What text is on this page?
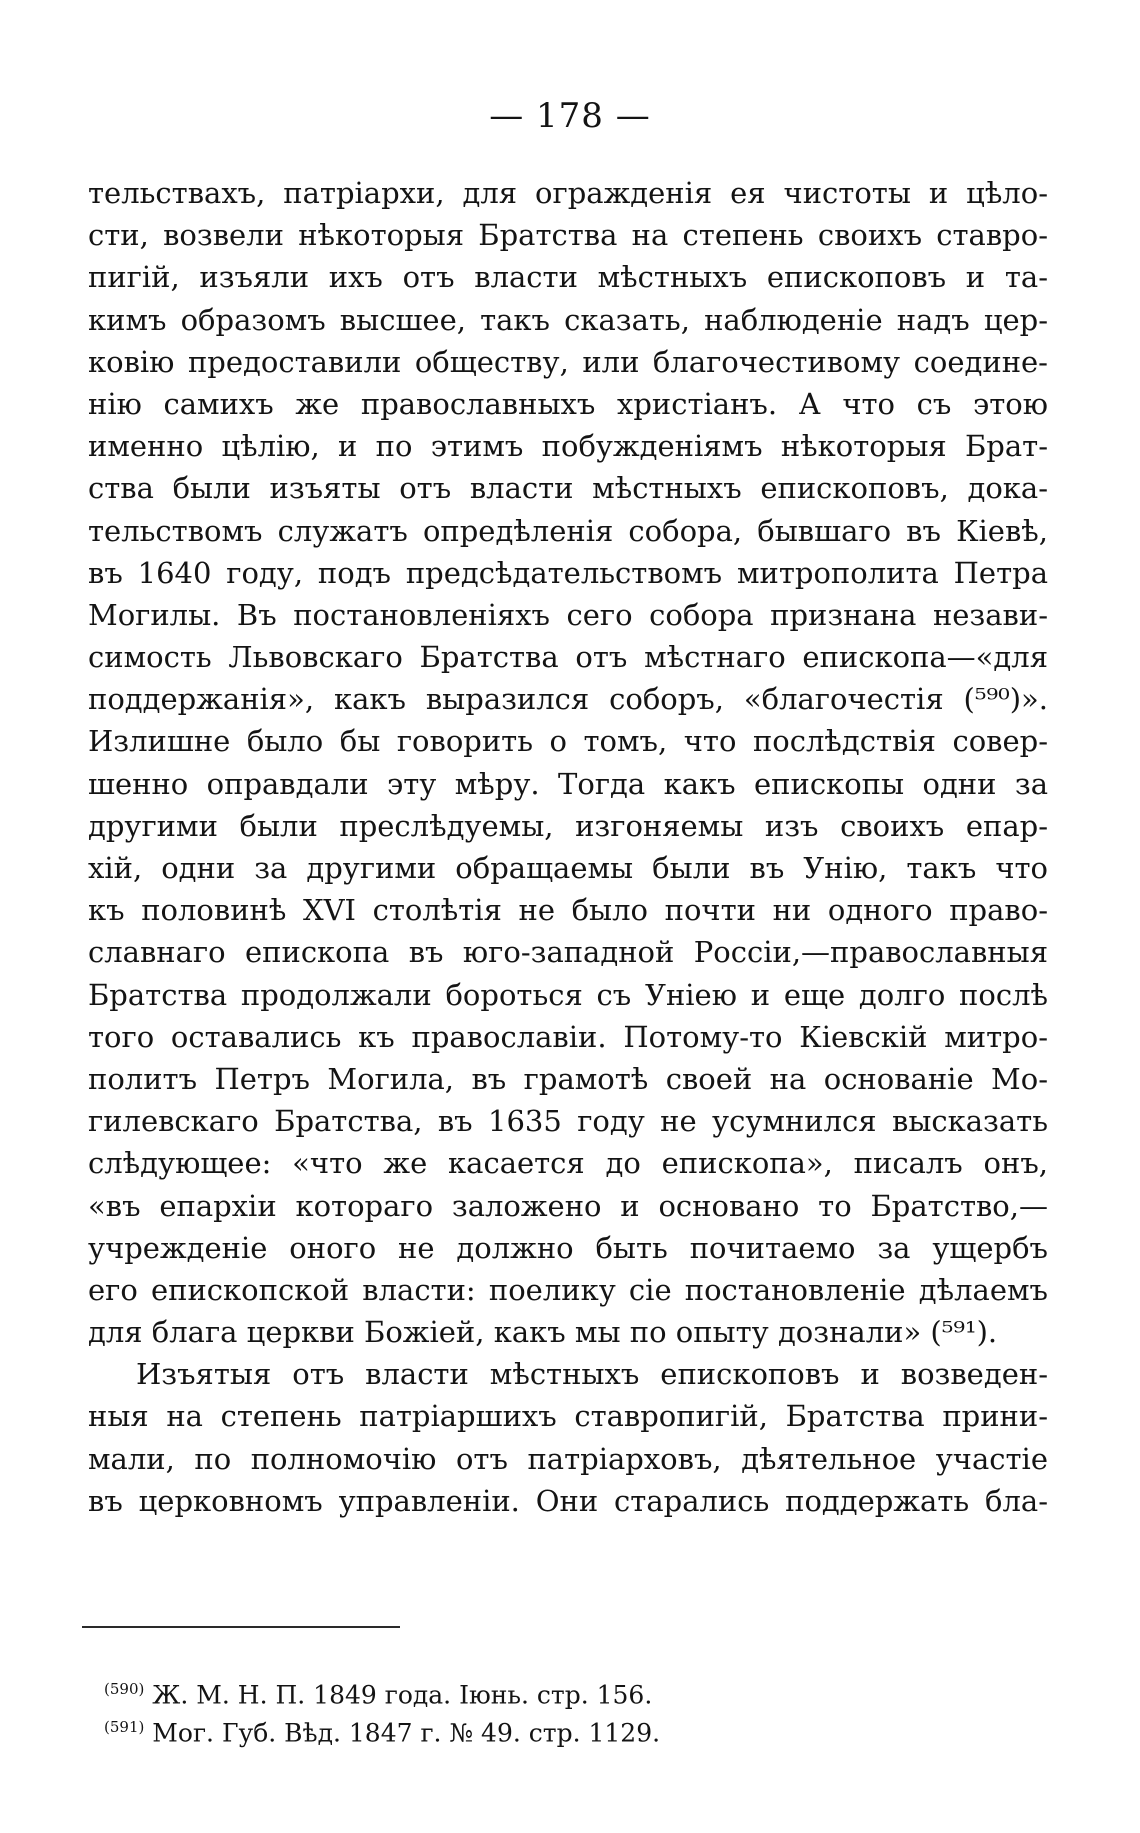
— 178 —
тельствахъ, патріархи, для огражденія ея чистоты и цѣло-
сти, возвели нѣкоторыя Братства на степень своихъ ставро-
пигій, изъяли ихъ отъ власти мѣстныхъ епископовъ и та-
кимъ образомъ высшее, такъ сказать, наблюденіе надъ цер-
ковію предоставили обществу, или благочестивому соедине-
нію самихъ же православныхъ христіанъ. А что съ этою
именно цѣлію, и по этимъ побужденіямъ нѣкоторыя Брат-
ства были изъяты отъ власти мѣстныхъ епископовъ, дока-
тельствомъ служатъ опредѣленія собора, бывшаго въ Кіевѣ,
въ 1640 году, подъ предсѣдательствомъ митрополита Петра
Могилы. Въ постановленіяхъ сего собора признана незави-
симость Львовскаго Братства отъ мѣстнаго епископа—«для
поддержанія», какъ выразился соборъ, «благочестія (⁵⁹⁰)».
Излишне было бы говорить о томъ, что послѣдствія совер-
шенно оправдали эту мѣру. Тогда какъ епископы одни за
другими были преслѣдуемы, изгоняемы изъ своихъ епар-
хій, одни за другими обращаемы были въ Унію, такъ что
къ половинѣ XVI столѣтія не было почти ни одного право-
славнаго епископа въ юго-западной Россіи,—православныя
Братства продолжали бороться съ Уніею и еще долго послѣ
того оставались къ православіи. Потому-то Кіевскій митро-
политъ Петръ Могила, въ грамотѣ своей на основаніе Мо-
гилевскаго Братства, въ 1635 году не усумнился высказать
слѣдующее: «что же касается до епископа», писалъ онъ,
«въ епархіи котораго заложено и основано то Братство,—
учрежденіе оного не должно быть почитаемо за ущербъ
его епископской власти: поелику сіе постановленіе дѣлаемъ
для блага церкви Божіей, какъ мы по опыту дознали» (⁵⁹¹).
Изъятыя отъ власти мѣстныхъ епископовъ и возведен-
ныя на степень патріаршихъ ставропигій, Братства прини-
мали, по полномочію отъ патріарховъ, дѣятельное участіе
въ церковномъ управленіи. Они старались поддержать бла-
$^{(590)}$ Ж. М. Н. П. 1849 года. Іюнь. стр. 156.
$^{(591)}$ Мог. Губ. Вѣд. 1847 г. № 49. стр. 1129.
